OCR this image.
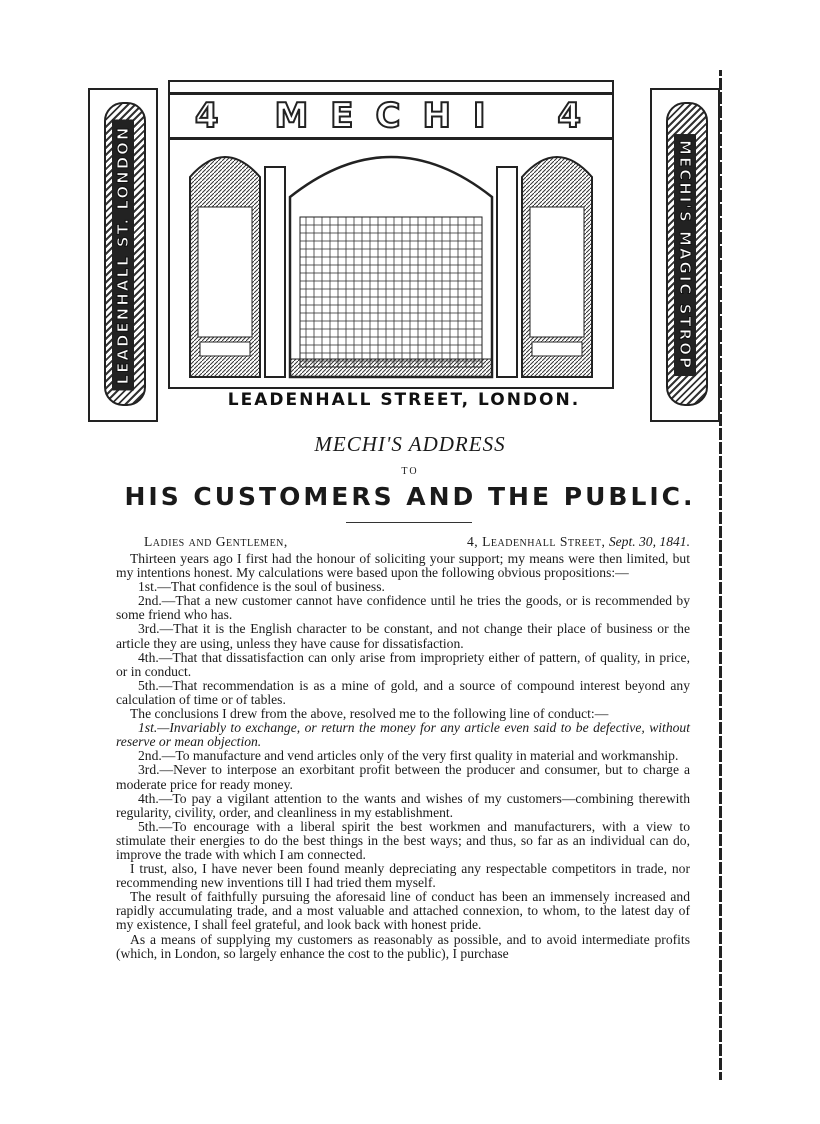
LEADENHALL ST. LONDON
4 MECHI 4
MECHI'S MAGIC STROP
LEADENHALL STREET, LONDON.
MECHI'S ADDRESS
TO
HIS CUSTOMERS AND THE PUBLIC.
Ladies and Gentlemen,	4, Leadenhall Street, Sept. 30, 1841.

Thirteen years ago I first had the honour of soliciting your support; my means were then limited, but my intentions honest. My calculations were based upon the following obvious propositions:—

1st.—That confidence is the soul of business.

2nd.—That a new customer cannot have confidence until he tries the goods, or is recommended by some friend who has.

3rd.—That it is the English character to be constant, and not change their place of business or the article they are using, unless they have cause for dissatisfaction.

4th.—That that dissatisfaction can only arise from impropriety either of pattern, of quality, in price, or in conduct.

5th.—That recommendation is as a mine of gold, and a source of compound interest beyond any calculation of time or of tables.

The conclusions I drew from the above, resolved me to the following line of conduct:—

1st.—Invariably to exchange, or return the money for any article even said to be defective, without reserve or mean objection.

2nd.—To manufacture and vend articles only of the very first quality in material and workmanship.

3rd.—Never to interpose an exorbitant profit between the producer and consumer, but to charge a moderate price for ready money.

4th.—To pay a vigilant attention to the wants and wishes of my customers—combining therewith regularity, civility, order, and cleanliness in my establishment.

5th.—To encourage with a liberal spirit the best workmen and manufacturers, with a view to stimulate their energies to do the best things in the best ways; and thus, so far as an individual can do, improve the trade with which I am connected.

I trust, also, I have never been found meanly depreciating any respectable competitors in trade, nor recommending new inventions till I had tried them myself.

The result of faithfully pursuing the aforesaid line of conduct has been an immensely increased and rapidly accumulating trade, and a most valuable and attached connexion, to whom, to the latest day of my existence, I shall feel grateful, and look back with honest pride.

As a means of supplying my customers as reasonably as possible, and to avoid intermediate profits (which, in London, so largely enhance the cost to the public), I purchase
